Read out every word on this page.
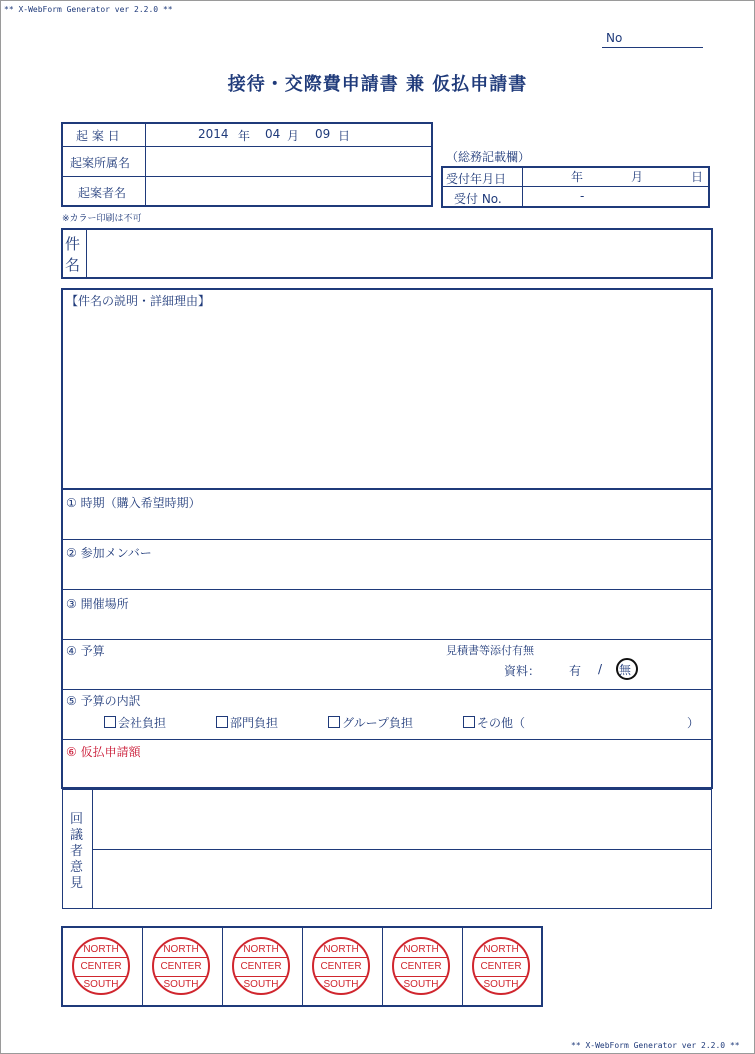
** X-WebForm Generator ver 2.2.0 **
** X-WebForm Generator ver 2.2.0 **
No
接待・交際費申請書 兼 仮払申請書
起 案 日	2014 年 04 月 09 日
起案所属名
起案者名
（総務記載欄）
受付年月日	年	月	日
受付 No.	-
※カラー印刷は不可
件
名
【件名の説明・詳細理由】
① 時期（購入希望時期）
② 参加メンバー
③ 開催場所
④ 予算	見積書等添付有無
資料： 有 / 無
⑤ 予算の内訳
会社負担	部門負担	グループ負担	その他（	）
⑥ 仮払申請額
回
議
者
意
見
NORTH
CENTER
SOUTH
NORTH
CENTER
SOUTH
NORTH
CENTER
SOUTH
NORTH
CENTER
SOUTH
NORTH
CENTER
SOUTH
NORTH
CENTER
SOUTH
